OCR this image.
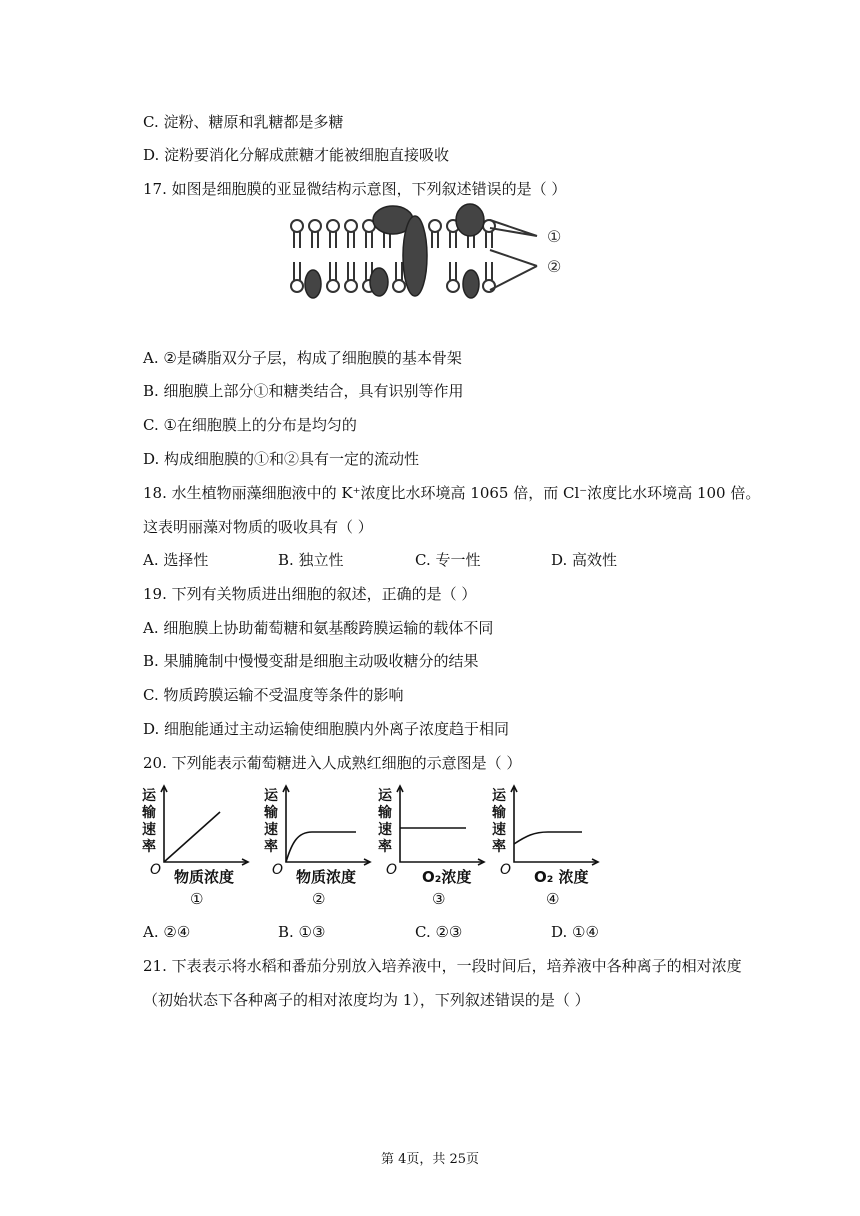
C. 淀粉、糖原和乳糖都是多糖
D. 淀粉要消化分解成蔗糖才能被细胞直接吸收
17. 如图是细胞膜的亚显微结构示意图，下列叙述错误的是（ ）
①
②
A. ②是磷脂双分子层，构成了细胞膜的基本骨架
B. 细胞膜上部分①和糖类结合，具有识别等作用
C. ①在细胞膜上的分布是均匀的
D. 构成细胞膜的①和②具有一定的流动性
18. 水生植物丽藻细胞液中的 K⁺浓度比水环境高 1065 倍，而 Cl⁻浓度比水环境高 100 倍。
这表明丽藻对物质的吸收具有（ ）
A. 选择性	B. 独立性	C. 专一性	D. 高效性
19. 下列有关物质进出细胞的叙述，正确的是（ ）
A. 细胞膜上协助葡萄糖和氨基酸跨膜运输的载体不同
B. 果脯腌制中慢慢变甜是细胞主动吸收糖分的结果
C. 物质跨膜运输不受温度等条件的影响
D. 细胞能通过主动运输使细胞膜内外离子浓度趋于相同
20. 下列能表示葡萄糖进入人成熟红细胞的示意图是（ ）
运
输
速
率
O 物质浓度
①
运
输
速
率
O 物质浓度
②
运
输
速
率
O O₂浓度
③
运
输
速
率
O O₂ 浓度
④
A. ②④	B. ①③	C. ②③	D. ①④
21. 下表表示将水稻和番茄分别放入培养液中，一段时间后，培养液中各种离子的相对浓度
（初始状态下各种离子的相对浓度均为 1），下列叙述错误的是（ ）
第 4页，共 25页
